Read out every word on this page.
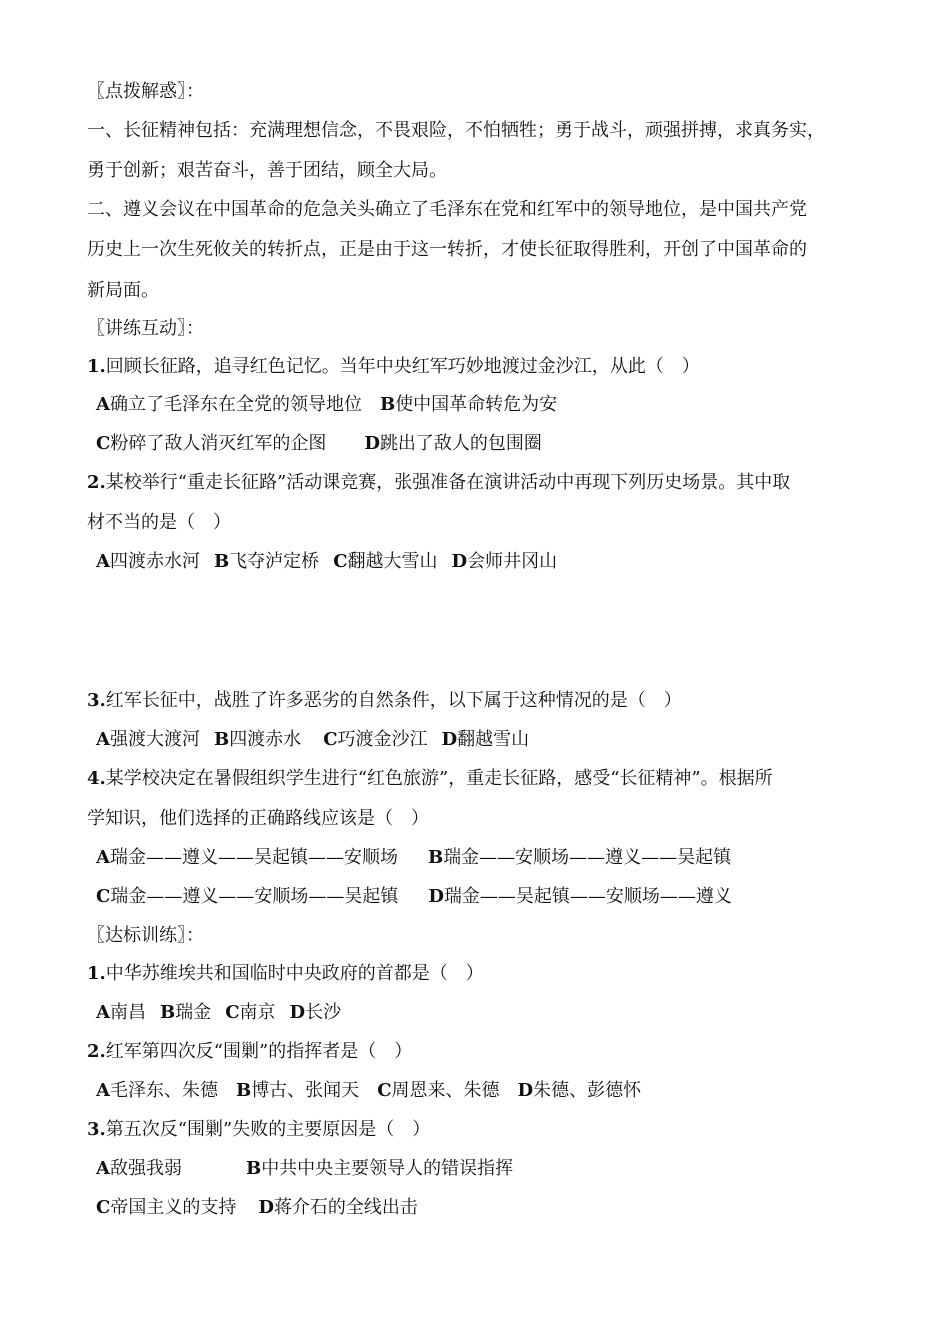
〖点拨解惑〗：
一、长征精神包括：充满理想信念，不畏艰险，不怕牺牲；勇于战斗，顽强拼搏，求真务实，
勇于创新；艰苦奋斗，善于团结，顾全大局。
二、遵义会议在中国革命的危急关头确立了毛泽东在党和红军中的领导地位，是中国共产党
历史上一次生死攸关的转折点，正是由于这一转折，才使长征取得胜利，开创了中国革命的
新局面。
〖讲练互动〗：
1.回顾长征路，追寻红色记忆。当年中央红军巧妙地渡过金沙江，从此（　）
A确立了毛泽东在全党的领导地位 B使中国革命转危为安
C粉碎了敌人消灭红军的企图 D跳出了敌人的包围圈
2.某校举行“重走长征路”活动课竞赛，张强准备在演讲活动中再现下列历史场景。其中取
材不当的是（　）
A四渡赤水河 B飞夺泸定桥 C翻越大雪山 D会师井冈山
3.红军长征中，战胜了许多恶劣的自然条件，以下属于这种情况的是（　）
A强渡大渡河 B四渡赤水 C巧渡金沙江 D翻越雪山
4.某学校决定在暑假组织学生进行“红色旅游”，重走长征路，感受“长征精神”。根据所
学知识，他们选择的正确路线应该是（　）
A瑞金——遵义——吴起镇——安顺场 B瑞金——安顺场——遵义——吴起镇
C瑞金——遵义——安顺场——吴起镇 D瑞金——吴起镇——安顺场——遵义
〖达标训练〗：
1.中华苏维埃共和国临时中央政府的首都是（　）
A南昌 B瑞金 C南京 D长沙
2.红军第四次反“围剿”的指挥者是（　）
A毛泽东、朱德 B博古、张闻天 C周恩来、朱德 D朱德、彭德怀
3.第五次反“围剿”失败的主要原因是（　）
A敌强我弱	B中共中央主要领导人的错误指挥
C帝国主义的支持 D蒋介石的全线出击
